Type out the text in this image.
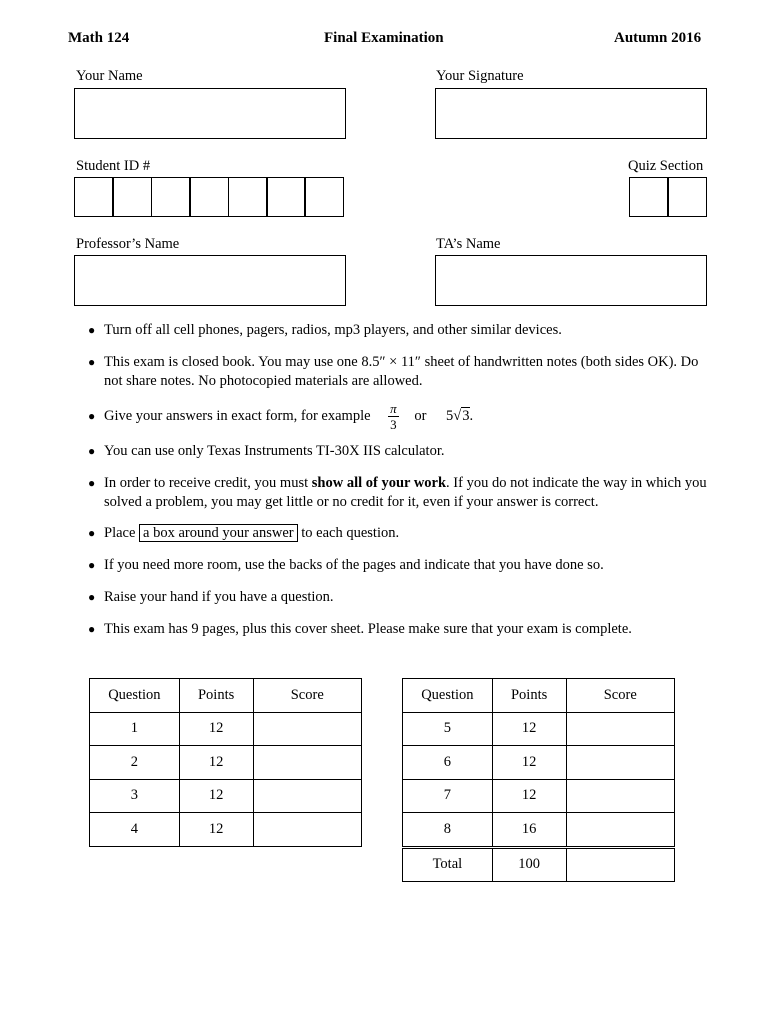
Math 124	Final Examination	Autumn 2016
Your Name	Your Signature
Student ID #	Quiz Section
Professor’s Name	TA’s Name
● Turn off all cell phones, pagers, radios, mp3 players, and other similar devices.
● This exam is closed book. You may use one 8.5″ × 11″ sheet of handwritten notes (both sides OK). Do not share notes. No photocopied materials are allowed.
● Give your answers in exact form, for example $\frac{\pi}{3}$ or 5√3.
● You can use only Texas Instruments TI-30X IIS calculator.
● In order to receive credit, you must show all of your work. If you do not indicate the way in which you solved a problem, you may get little or no credit for it, even if your answer is correct.
● Place a box around your answer to each question.
● If you need more room, use the backs of the pages and indicate that you have done so.
● Raise your hand if you have a question.
● This exam has 9 pages, plus this cover sheet. Please make sure that your exam is complete.
Question	Points	Score
1	12	
2	12	
3	12	
4	12	
Question	Points	Score
5	12	
6	12	
7	12	
8	16	
Total	100	
